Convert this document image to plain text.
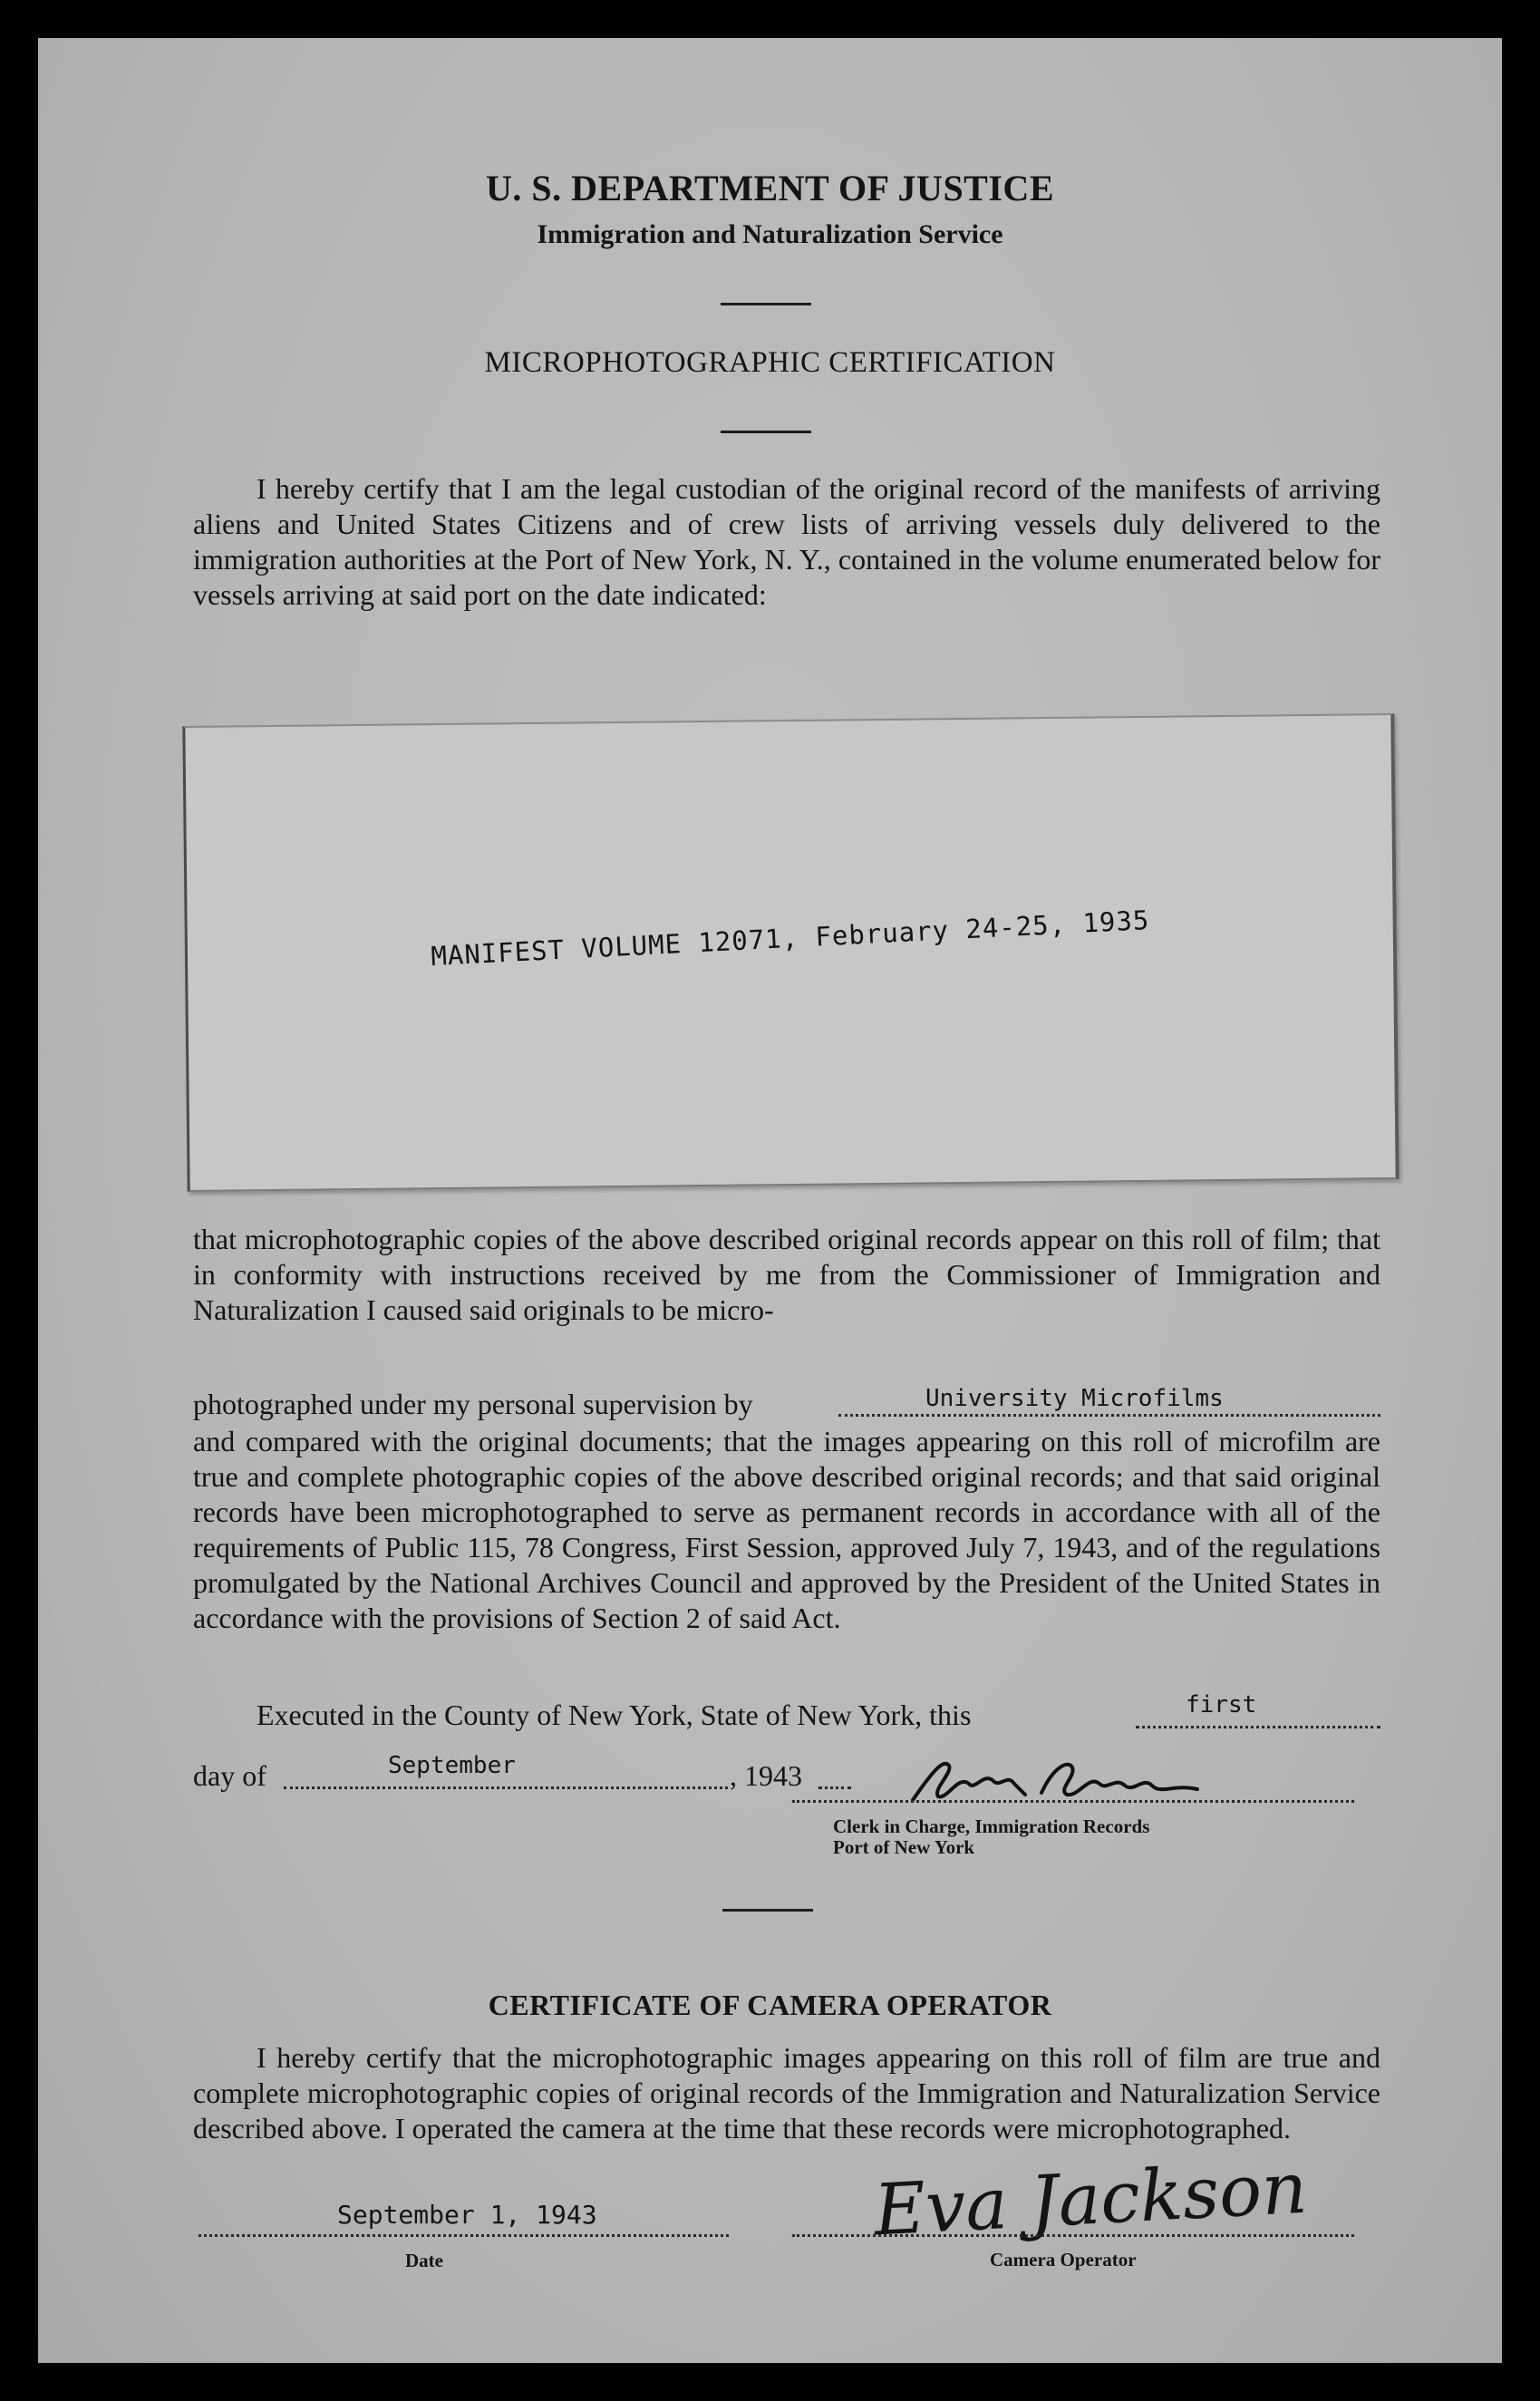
U. S. DEPARTMENT OF JUSTICE
Immigration and Naturalization Service
MICROPHOTOGRAPHIC CERTIFICATION

I hereby certify that I am the legal custodian of the original record of the manifests of arriving aliens and United States Citizens and of crew lists of arriving vessels duly delivered to the immigration authorities at the Port of New York, N. Y., contained in the volume enumerated below for vessels arriving at said port on the date indicated:

MANIFEST VOLUME 12071, February 24-25, 1935
that microphotographic copies of the above described original records appear on this roll of film; that in conformity with instructions received by me from the Commissioner of Immigration and Naturalization I caused said originals to be micro-
photographed under my personal supervision by	University Microfilms
and compared with the original documents; that the images appearing on this roll of microfilm are true and complete photographic copies of the above described original records; and that said original records have been microphotographed to serve as permanent records in accordance with all of the requirements of Public 115, 78 Congress, First Session, approved July 7, 1943, and of the regulations promulgated by the National Archives Council and approved by the President of the United States in accordance with the provisions of Section 2 of said Act.
Executed in the County of New York, State of New York, this	first
day of	September	, 1943
Clerk in Charge, Immigration Records
Port of New York
CERTIFICATE OF CAMERA OPERATOR

I hereby certify that the microphotographic images appearing on this roll of film are true and complete microphotographic copies of original records of the Immigration and Naturalization Service described above. I operated the camera at the time that these records were microphotographed.

September 1, 1943
Date
Eva Jackson
Camera Operator
